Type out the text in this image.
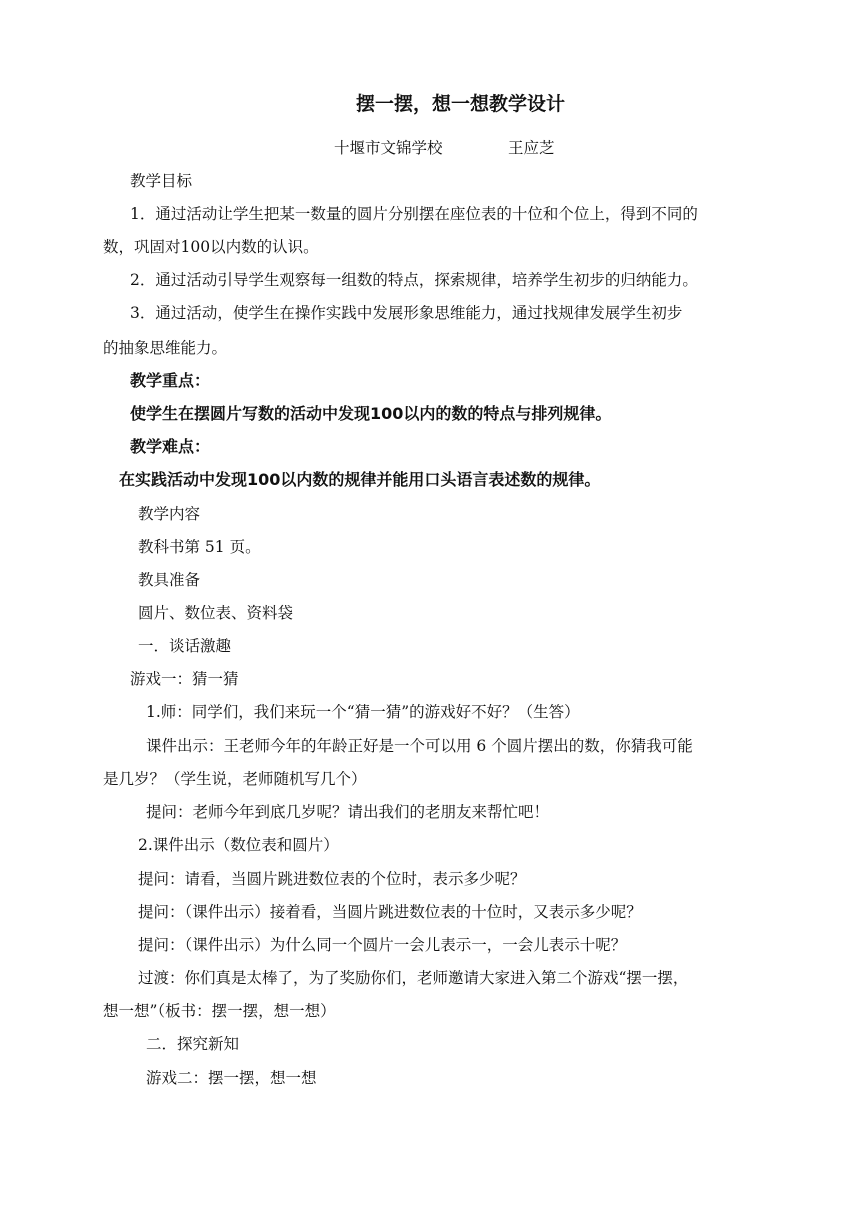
摆一摆，想一想教学设计
十堰市文锦学校	王应芝
教学目标
1．通过活动让学生把某一数量的圆片分别摆在座位表的十位和个位上，得到不同的
数，巩固对100以内数的认识。
2．通过活动引导学生观察每一组数的特点，探索规律，培养学生初步的归纳能力。
3．通过活动，使学生在操作实践中发展形象思维能力，通过找规律发展学生初步
的抽象思维能力。
教学重点：
使学生在摆圆片写数的活动中发现100以内的数的特点与排列规律。
教学难点：
在实践活动中发现100以内数的规律并能用口头语言表述数的规律。
教学内容
教科书第 51 页。
教具准备
圆片、数位表、资料袋
一．谈话激趣
游戏一：猜一猜
1.师：同学们，我们来玩一个“猜一猜”的游戏好不好？（生答）
课件出示：王老师今年的年龄正好是一个可以用 6 个圆片摆出的数，你猜我可能
是几岁？（学生说，老师随机写几个）
提问：老师今年到底几岁呢？请出我们的老朋友来帮忙吧！
2.课件出示（数位表和圆片）
提问：请看，当圆片跳进数位表的个位时，表示多少呢？
提问：（课件出示）接着看，当圆片跳进数位表的十位时，又表示多少呢？
提问：（课件出示）为什么同一个圆片一会儿表示一，一会儿表示十呢？
过渡：你们真是太棒了，为了奖励你们，老师邀请大家进入第二个游戏“摆一摆，
想一想”（板书：摆一摆，想一想）
二．探究新知
游戏二：摆一摆，想一想
